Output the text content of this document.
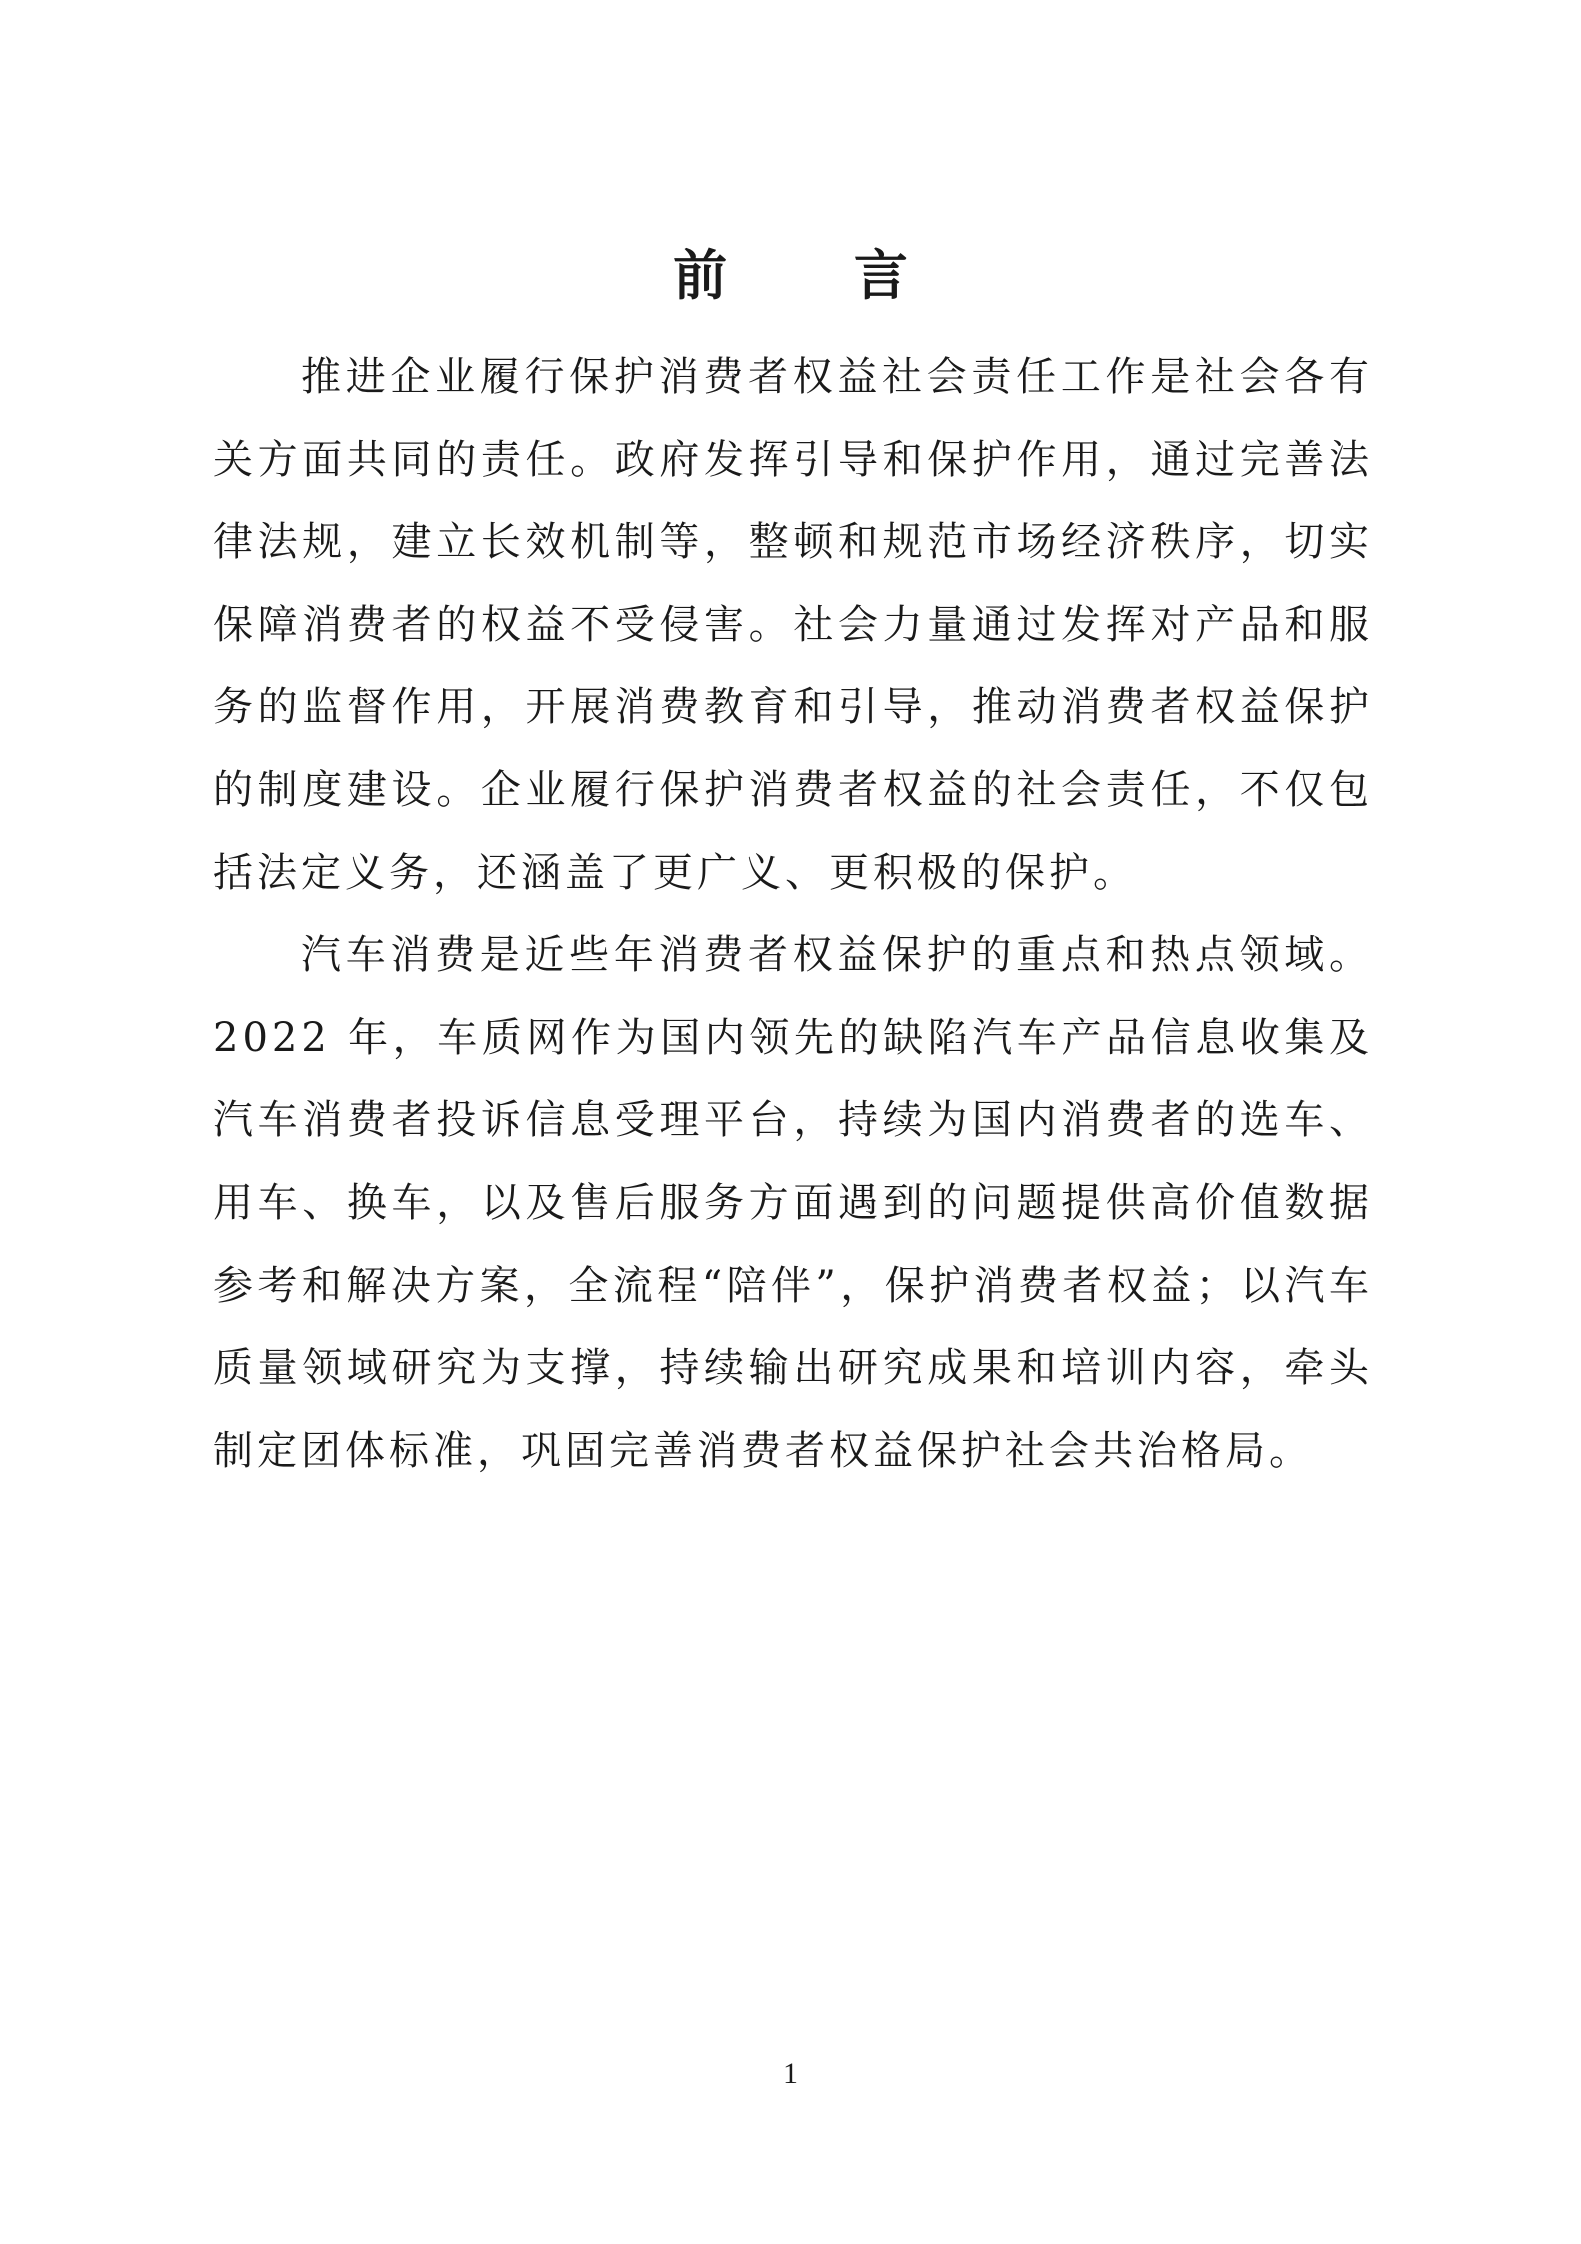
前 言

推进企业履行保护消费者权益社会责任工作是社会各有关方面共同的责任。政府发挥引导和保护作用，通过完善法律法规，建立长效机制等，整顿和规范市场经济秩序，切实保障消费者的权益不受侵害。社会力量通过发挥对产品和服务的监督作用，开展消费教育和引导，推动消费者权益保护的制度建设。企业履行保护消费者权益的社会责任，不仅包括法定义务，还涵盖了更广义、更积极的保护。

汽车消费是近些年消费者权益保护的重点和热点领域。2022 年，车质网作为国内领先的缺陷汽车产品信息收集及汽车消费者投诉信息受理平台，持续为国内消费者的选车、用车、换车，以及售后服务方面遇到的问题提供高价值数据参考和解决方案，全流程“陪伴”，保护消费者权益；以汽车质量领域研究为支撑，持续输出研究成果和培训内容，牵头制定团体标准，巩固完善消费者权益保护社会共治格局。

1
